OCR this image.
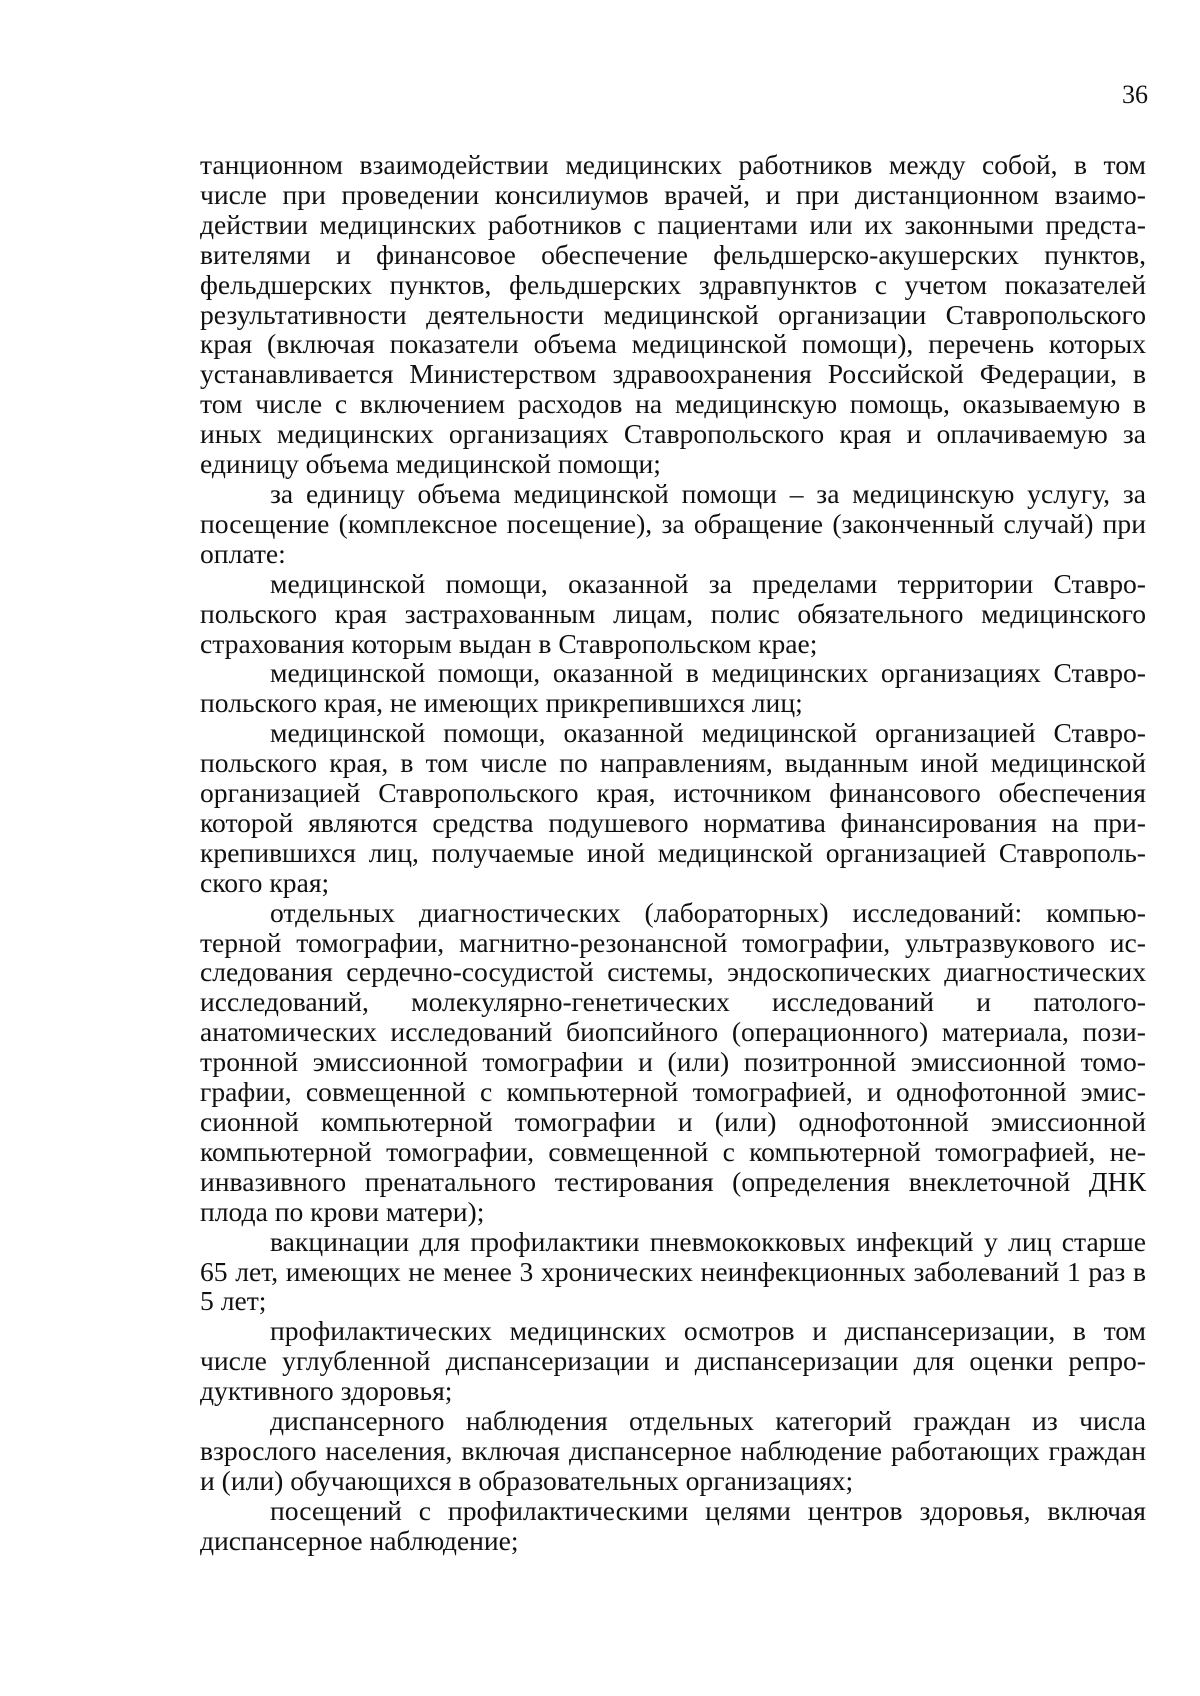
36

танционном взаимодействии медицинских работников между собой, в том числе при проведении консилиумов врачей, и при дистанционном взаимодействии медицинских работников с пациентами или их законными представителями и финансовое обеспечение фельдшерско-акушерских пунктов, фельдшерских пунктов, фельдшерских здравпунктов с учетом показателей результативности деятельности медицинской организации Ставропольского края (включая показатели объема медицинской помощи), перечень которых устанавливается Министерством здравоохранения Российской Федерации, в том числе с включением расходов на медицинскую помощь, оказываемую в иных медицинских организациях Ставропольского края и оплачиваемую за единицу объема медицинской помощи;

за единицу объема медицинской помощи – за медицинскую услугу, за посещение (комплексное посещение), за обращение (законченный случай) при оплате:

медицинской помощи, оказанной за пределами территории Ставропольского края застрахованным лицам, полис обязательного медицинского страхования которым выдан в Ставропольском крае;

медицинской помощи, оказанной в медицинских организациях Ставропольского края, не имеющих прикрепившихся лиц;

медицинской помощи, оказанной медицинской организацией Ставропольского края, в том числе по направлениям, выданным иной медицинской организацией Ставропольского края, источником финансового обеспечения которой являются средства подушевого норматива финансирования на прикрепившихся лиц, получаемые иной медицинской организацией Ставропольского края;

отдельных диагностических (лабораторных) исследований: компьютерной томографии, магнитно-резонансной томографии, ультразвукового исследования сердечно-сосудистой системы, эндоскопических диагностических исследований, молекулярно-генетических исследований и патологоанатомических исследований биопсийного (операционного) материала, позитронной эмиссионной томографии и (или) позитронной эмиссионной томографии, совмещенной с компьютерной томографией, и однофотонной эмиссионной компьютерной томографии и (или) однофотонной эмиссионной компьютерной томографии, совмещенной с компьютерной томографией, неинвазивного пренатального тестирования (определения внеклеточной ДНК плода по крови матери);

вакцинации для профилактики пневмококковых инфекций у лиц старше 65 лет, имеющих не менее 3 хронических неинфекционных заболеваний 1 раз в 5 лет;

профилактических медицинских осмотров и диспансеризации, в том числе углубленной диспансеризации и диспансеризации для оценки репродуктивного здоровья;

диспансерного наблюдения отдельных категорий граждан из числа взрослого населения, включая диспансерное наблюдение работающих граждан и (или) обучающихся в образовательных организациях;

посещений с профилактическими целями центров здоровья, включая диспансерное наблюдение;
